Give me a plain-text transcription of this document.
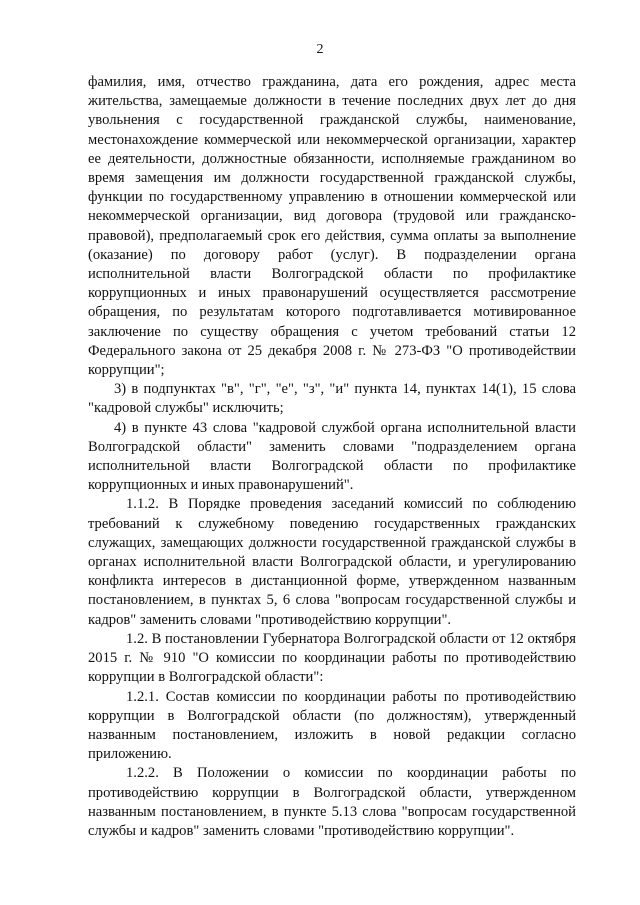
2

фамилия, имя, отчество гражданина, дата его рождения, адрес места жительства, замещаемые должности в течение последних двух лет до дня увольнения с государственной гражданской службы, наименование, местонахождение коммерческой или некоммерческой организации, характер ее деятельности, должностные обязанности, исполняемые гражданином во время замещения им должности государственной гражданской службы, функции по государственному управлению в отношении коммерческой или некоммерческой организации, вид договора (трудовой или гражданско-правовой), предполагаемый срок его действия, сумма оплаты за выполнение (оказание) по договору работ (услуг). В подразделении органа исполнительной власти Волгоградской области по профилактике коррупционных и иных правонарушений осуществляется рассмотрение обращения, по результатам которого подготавливается мотивированное заключение по существу обращения с учетом требований статьи 12 Федерального закона от 25 декабря 2008 г. № 273-ФЗ "О противодействии коррупции";

3) в подпунктах "в", "г", "е", "з", "и" пункта 14, пунктах 14(1), 15 слова "кадровой службы" исключить;

4) в пункте 43 слова "кадровой службой органа исполнительной власти Волгоградской области" заменить словами "подразделением органа исполнительной власти Волгоградской области по профилактике коррупционных и иных правонарушений".

1.1.2. В Порядке проведения заседаний комиссий по соблюдению требований к служебному поведению государственных гражданских служащих, замещающих должности государственной гражданской службы в органах исполнительной власти Волгоградской области, и урегулированию конфликта интересов в дистанционной форме, утвержденном названным постановлением, в пунктах 5, 6 слова "вопросам государственной службы и кадров" заменить словами "противодействию коррупции".

1.2. В постановлении Губернатора Волгоградской области от 12 октября 2015 г. № 910 "О комиссии по координации работы по противодействию коррупции в Волгоградской области":

1.2.1. Состав комиссии по координации работы по противодействию коррупции в Волгоградской области (по должностям), утвержденный названным постановлением, изложить в новой редакции согласно приложению.

1.2.2. В Положении о комиссии по координации работы по противодействию коррупции в Волгоградской области, утвержденном названным постановлением, в пункте 5.13 слова "вопросам государственной службы и кадров" заменить словами "противодействию коррупции".
